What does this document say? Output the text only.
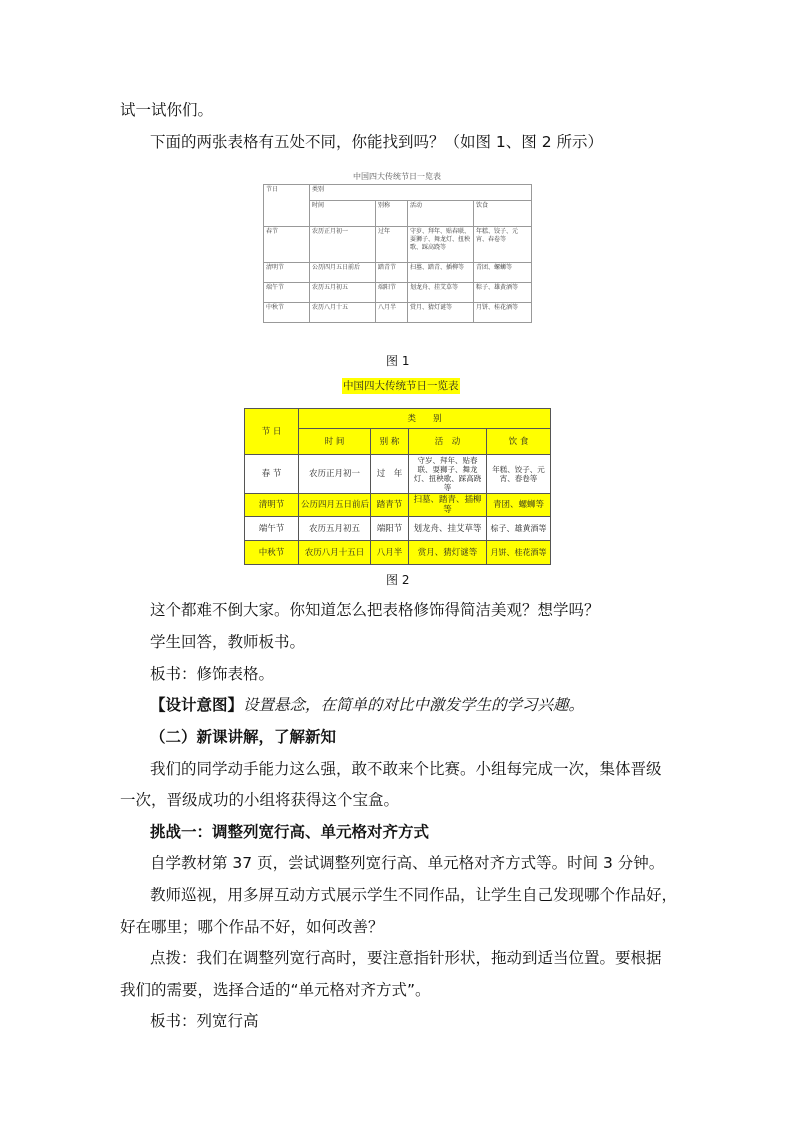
试一试你们。
下面的两张表格有五处不同，你能找到吗？（如图 1、图 2 所示）
中国四大传统节日一览表
节日	类别			
	时间	别称	活动	饮食
春节	农历正月初一	过年	守岁、拜年、贴春联、耍狮子、舞龙灯、扭秧歌、踩高跷等	年糕、饺子、元宵、春卷等
清明节	公历四月五日前后	踏青节	扫墓、踏青、插柳等	青团、螺蛳等
端午节	农历五月初五	端阳节	划龙舟、挂艾草等	粽子、雄黄酒等
中秋节	农历八月十五	八月半	赏月、猜灯谜等	月饼、桂花酒等
图 1
中国四大传统节日一览表
节 日	类　　别			
	时 间	别 称	活　动	饮 食
春 节	农历正月初一	过　年	守岁、拜年、贴春联、耍狮子、舞龙灯、扭秧歌、踩高跷等	年糕、饺子、元宵、春卷等
清明节	公历四月五日前后	踏青节	扫墓、踏青、插柳等	青团、螺蛳等
端午节	农历五月初五	端阳节	划龙舟、挂艾草等	棕子、雄黄酒等
中秋节	农历八月十五日	八月半	赏月、猜灯谜等	月饼、桂花酒等
图 2
这个都难不倒大家。你知道怎么把表格修饰得简洁美观？想学吗？
学生回答，教师板书。
板书：修饰表格。
【设计意图】设置悬念，在简单的对比中激发学生的学习兴趣。
（二）新课讲解，了解新知
我们的同学动手能力这么强，敢不敢来个比赛。小组每完成一次，集体晋级
一次，晋级成功的小组将获得这个宝盒。
挑战一：调整列宽行高、单元格对齐方式
自学教材第 37 页，尝试调整列宽行高、单元格对齐方式等。时间 3 分钟。
教师巡视，用多屏互动方式展示学生不同作品，让学生自己发现哪个作品好，
好在哪里；哪个作品不好，如何改善？
点拨：我们在调整列宽行高时，要注意指针形状，拖动到适当位置。要根据
我们的需要，选择合适的“单元格对齐方式”。
板书：列宽行高
